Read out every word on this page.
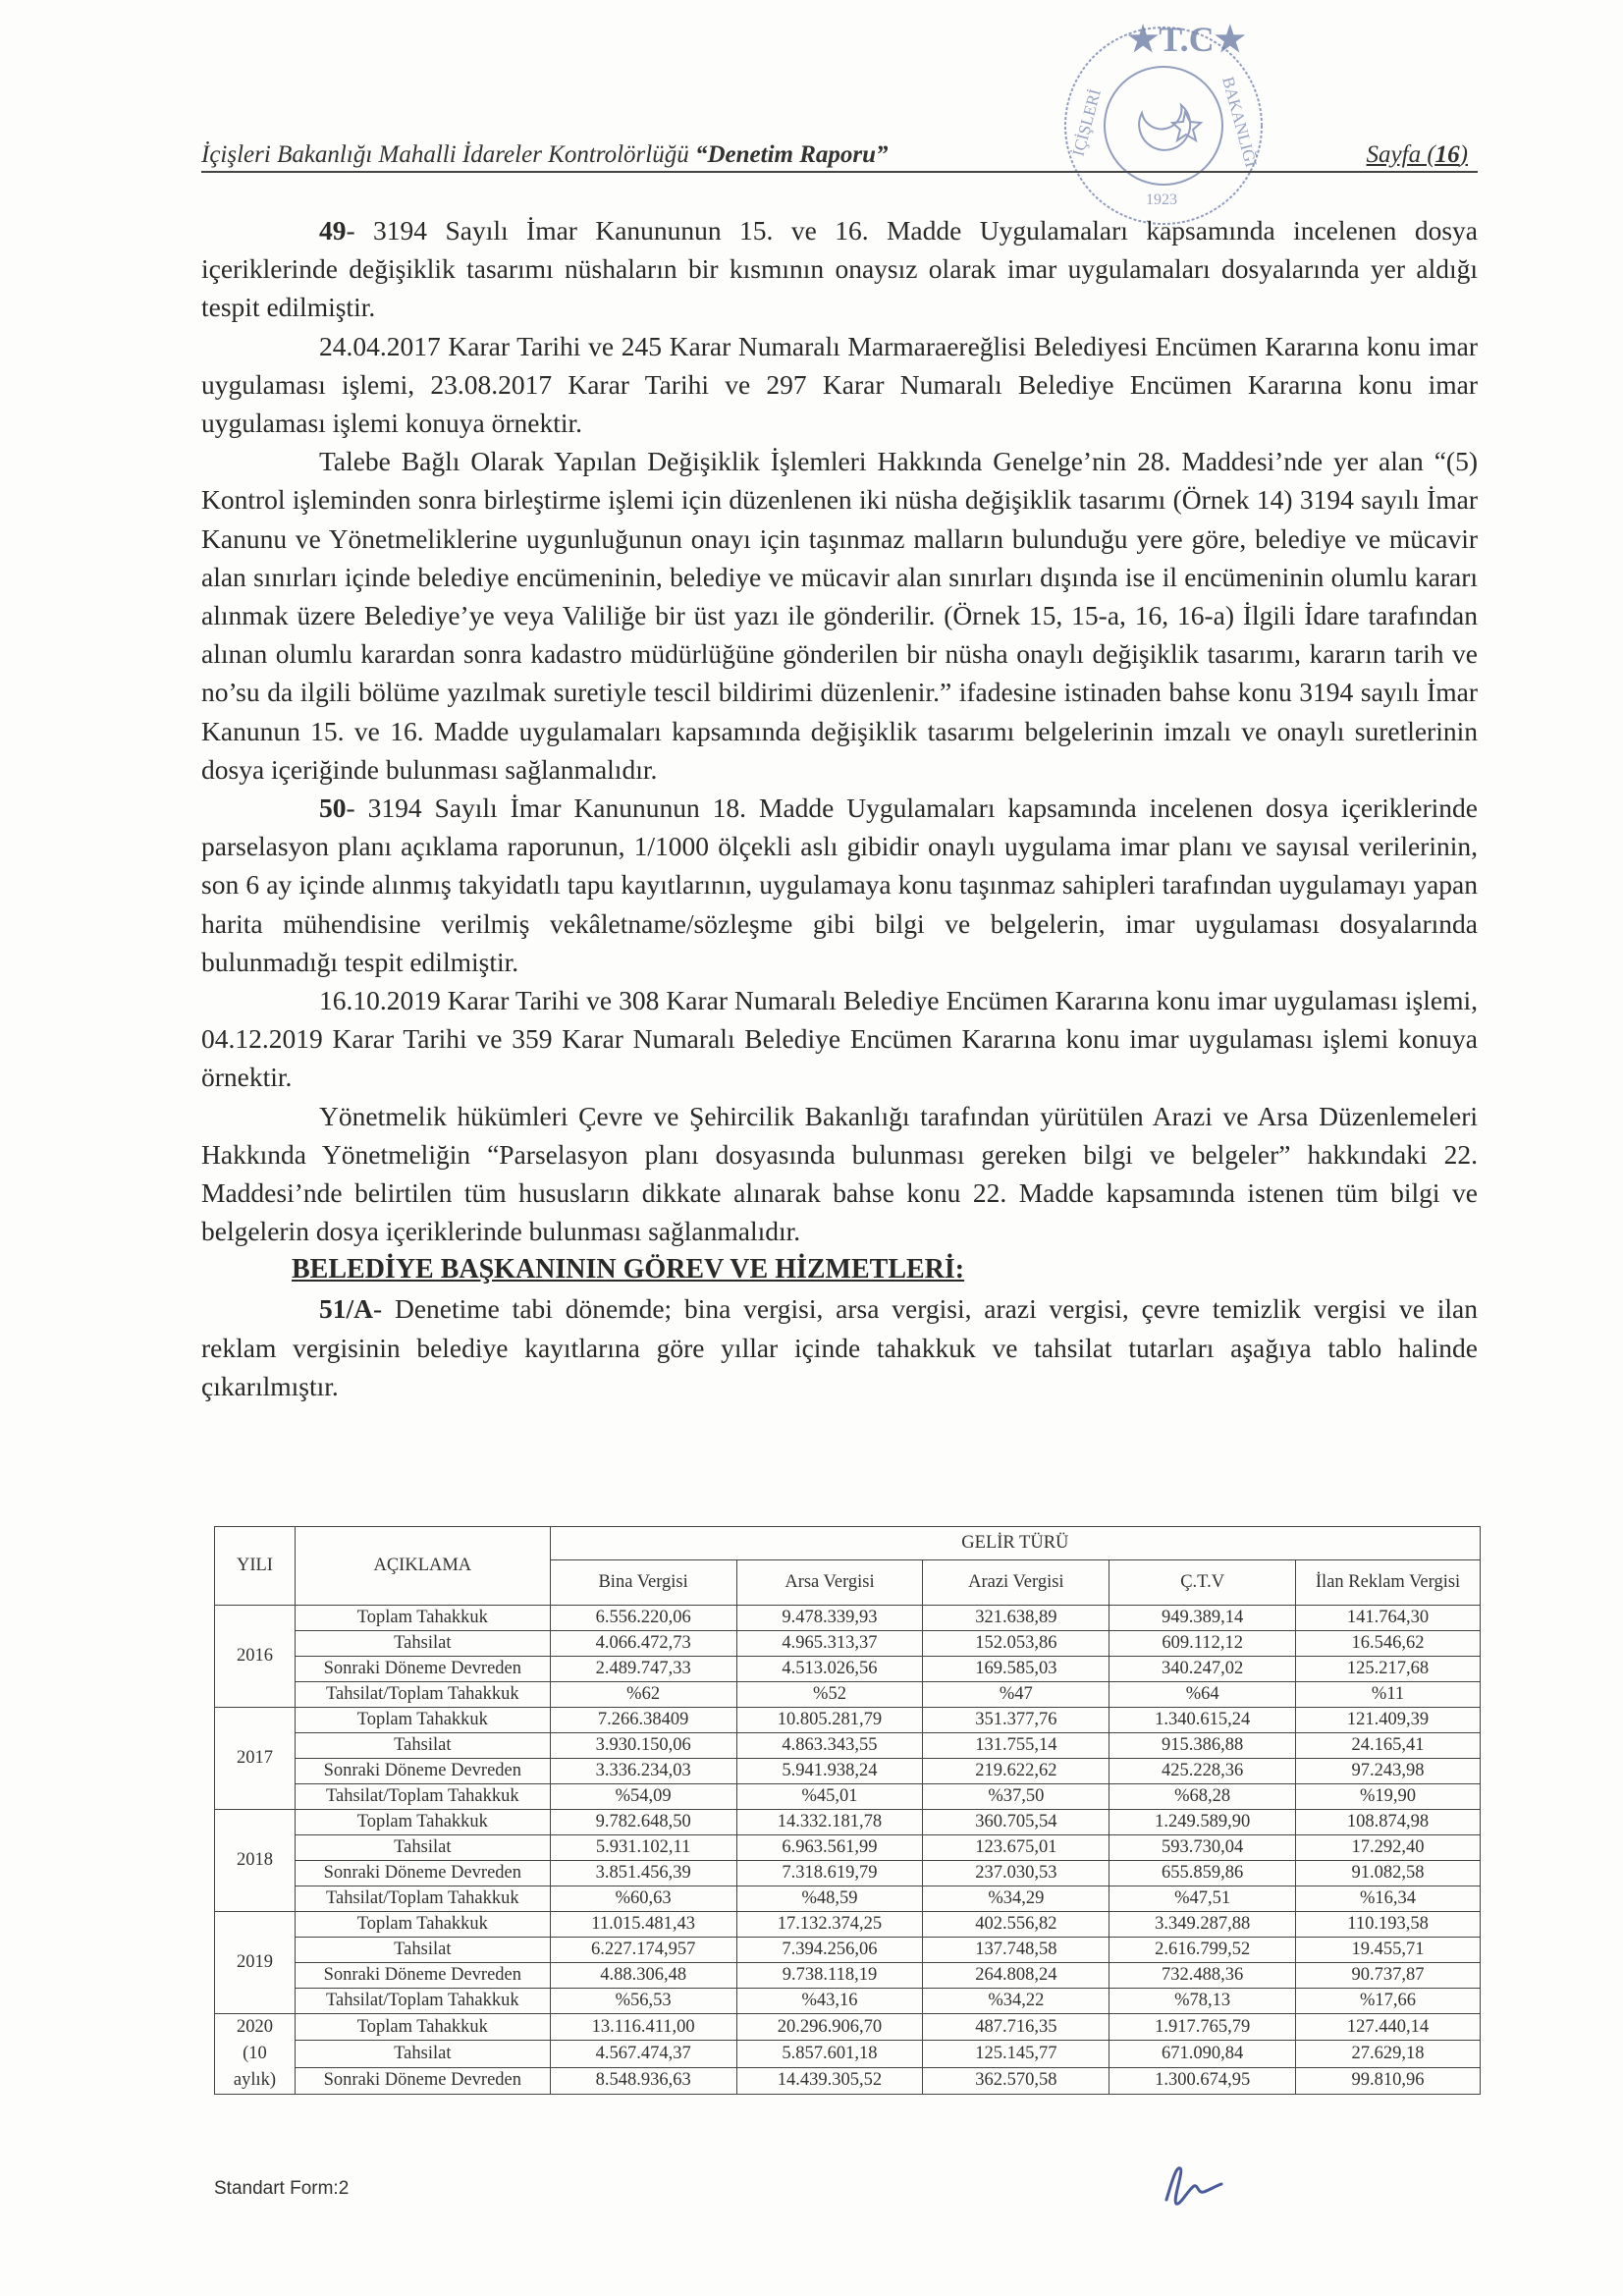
★T.C★
İÇİŞLERİ	BAKANLIĞI
1923
İçişleri Bakanlığı Mahalli İdareler Kontrolörlüğü “Denetim Raporu”	Sayfa (16)

49- 3194 Sayılı İmar Kanununun 15. ve 16. Madde Uygulamaları kapsamında incelenen dosya içeriklerinde değişiklik tasarımı nüshaların bir kısmının onaysız olarak imar uygulamaları dosyalarında yer aldığı tespit edilmiştir.

24.04.2017 Karar Tarihi ve 245 Karar Numaralı Marmaraereğlisi Belediyesi Encümen Kararına konu imar uygulaması işlemi, 23.08.2017 Karar Tarihi ve 297 Karar Numaralı Belediye Encümen Kararına konu imar uygulaması işlemi konuya örnektir.

Talebe Bağlı Olarak Yapılan Değişiklik İşlemleri Hakkında Genelge’nin 28. Maddesi’nde yer alan “(5) Kontrol işleminden sonra birleştirme işlemi için düzenlenen iki nüsha değişiklik tasarımı (Örnek 14) 3194 sayılı İmar Kanunu ve Yönetmeliklerine uygunluğunun onayı için taşınmaz malların bulunduğu yere göre, belediye ve mücavir alan sınırları içinde belediye encümeninin, belediye ve mücavir alan sınırları dışında ise il encümeninin olumlu kararı alınmak üzere Belediye’ye veya Valiliğe bir üst yazı ile gönderilir. (Örnek 15, 15-a, 16, 16-a) İlgili İdare tarafından alınan olumlu karardan sonra kadastro müdürlüğüne gönderilen bir nüsha onaylı değişiklik tasarımı, kararın tarih ve no’su da ilgili bölüme yazılmak suretiyle tescil bildirimi düzenlenir.” ifadesine istinaden bahse konu 3194 sayılı İmar Kanunun 15. ve 16. Madde uygulamaları kapsamında değişiklik tasarımı belgelerinin imzalı ve onaylı suretlerinin dosya içeriğinde bulunması sağlanmalıdır.

50- 3194 Sayılı İmar Kanununun 18. Madde Uygulamaları kapsamında incelenen dosya içeriklerinde parselasyon planı açıklama raporunun, 1/1000 ölçekli aslı gibidir onaylı uygulama imar planı ve sayısal verilerinin, son 6 ay içinde alınmış takyidatlı tapu kayıtlarının, uygulamaya konu taşınmaz sahipleri tarafından uygulamayı yapan harita mühendisine verilmiş vekâletname/sözleşme gibi bilgi ve belgelerin, imar uygulaması dosyalarında bulunmadığı tespit edilmiştir.

16.10.2019 Karar Tarihi ve 308 Karar Numaralı Belediye Encümen Kararına konu imar uygulaması işlemi, 04.12.2019 Karar Tarihi ve 359 Karar Numaralı Belediye Encümen Kararına konu imar uygulaması işlemi konuya örnektir.

Yönetmelik hükümleri Çevre ve Şehircilik Bakanlığı tarafından yürütülen Arazi ve Arsa Düzenlemeleri Hakkında Yönetmeliğin “Parselasyon planı dosyasında bulunması gereken bilgi ve belgeler” hakkındaki 22. Maddesi’nde belirtilen tüm hususların dikkate alınarak bahse konu 22. Madde kapsamında istenen tüm bilgi ve belgelerin dosya içeriklerinde bulunması sağlanmalıdır.

BELEDİYE BAŞKANININ GÖREV VE HİZMETLERİ:

51/A- Denetime tabi dönemde; bina vergisi, arsa vergisi, arazi vergisi, çevre temizlik vergisi ve ilan reklam vergisinin belediye kayıtlarına göre yıllar içinde tahakkuk ve tahsilat tutarları aşağıya tablo halinde çıkarılmıştır.

YILI	AÇIKLAMA	GELİR TÜRÜ				
		Bina Vergisi	Arsa Vergisi	Arazi Vergisi	Ç.T.V	İlan Reklam Vergisi

2016	Toplam Tahakkuk	6.556.220,06	9.478.339,93	321.638,89	949.389,14	141.764,30
	Tahsilat	4.066.472,73	4.965.313,37	152.053,86	609.112,12	16.546,62
	Sonraki Döneme Devreden	2.489.747,33	4.513.026,56	169.585,03	340.247,02	125.217,68
	Tahsilat/Toplam Tahakkuk	%62	%52	%47	%64	%11

2017	Toplam Tahakkuk	7.266.38409	10.805.281,79	351.377,76	1.340.615,24	121.409,39
	Tahsilat	3.930.150,06	4.863.343,55	131.755,14	915.386,88	24.165,41
	Sonraki Döneme Devreden	3.336.234,03	5.941.938,24	219.622,62	425.228,36	97.243,98
	Tahsilat/Toplam Tahakkuk	%54,09	%45,01	%37,50	%68,28	%19,90

2018	Toplam Tahakkuk	9.782.648,50	14.332.181,78	360.705,54	1.249.589,90	108.874,98
	Tahsilat	5.931.102,11	6.963.561,99	123.675,01	593.730,04	17.292,40
	Sonraki Döneme Devreden	3.851.456,39	7.318.619,79	237.030,53	655.859,86	91.082,58
	Tahsilat/Toplam Tahakkuk	%60,63	%48,59	%34,29	%47,51	%16,34

2019	Toplam Tahakkuk	11.015.481,43	17.132.374,25	402.556,82	3.349.287,88	110.193,58
	Tahsilat	6.227.174,957	7.394.256,06	137.748,58	2.616.799,52	19.455,71
	Sonraki Döneme Devreden	4.88.306,48	9.738.118,19	264.808,24	732.488,36	90.737,87
	Tahsilat/Toplam Tahakkuk	%56,53	%43,16	%34,22	%78,13	%17,66

2020
(10
aylık)	Toplam Tahakkuk	13.116.411,00	20.296.906,70	487.716,35	1.917.765,79	127.440,14
	Tahsilat	4.567.474,37	5.857.601,18	125.145,77	671.090,84	27.629,18
	Sonraki Döneme Devreden	8.548.936,63	14.439.305,52	362.570,58	1.300.674,95	99.810,96
Standart Form:2
